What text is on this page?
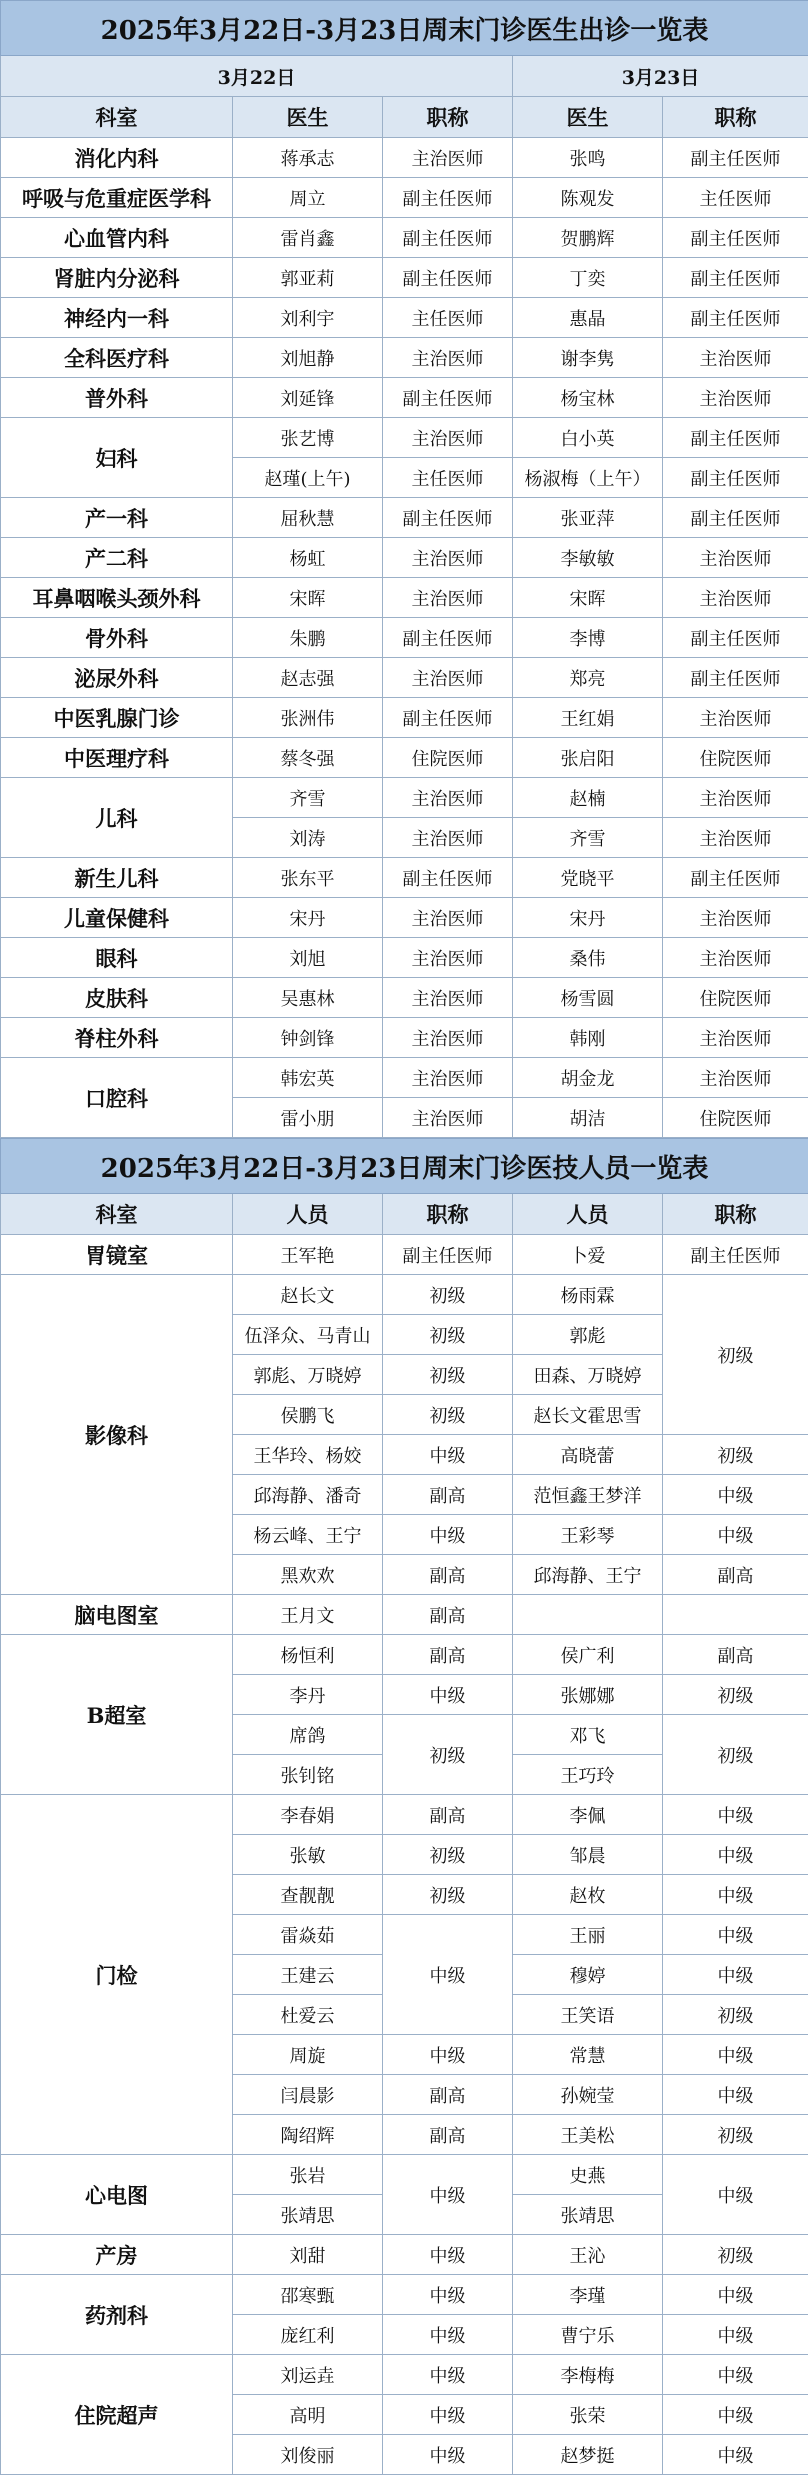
2025年3月22日-3月23日周末门诊医生出诊一览表				
3月22日			3月23日	
科室	医生	职称	医生	职称
消化内科	蒋承志	主治医师	张鸣	副主任医师
呼吸与危重症医学科	周立	副主任医师	陈观发	主任医师
心血管内科	雷肖鑫	副主任医师	贺鹏辉	副主任医师
肾脏内分泌科	郭亚莉	副主任医师	丁奕	副主任医师
神经内一科	刘利宇	主任医师	惠晶	副主任医师
全科医疗科	刘旭静	主治医师	谢李隽	主治医师
普外科	刘延锋	副主任医师	杨宝林	主治医师
妇科	张艺博	主治医师	白小英	副主任医师
	赵瑾(上午)	主任医师	杨淑梅（上午）	副主任医师
产一科	屈秋慧	副主任医师	张亚萍	副主任医师
产二科	杨虹	主治医师	李敏敏	主治医师
耳鼻咽喉头颈外科	宋晖	主治医师	宋晖	主治医师
骨外科	朱鹏	副主任医师	李博	副主任医师
泌尿外科	赵志强	主治医师	郑亮	副主任医师
中医乳腺门诊	张洲伟	副主任医师	王红娟	主治医师
中医理疗科	蔡冬强	住院医师	张启阳	住院医师
儿科	齐雪	主治医师	赵楠	主治医师
	刘涛	主治医师	齐雪	主治医师
新生儿科	张东平	副主任医师	党晓平	副主任医师
儿童保健科	宋丹	主治医师	宋丹	主治医师
眼科	刘旭	主治医师	桑伟	主治医师
皮肤科	吴惠林	主治医师	杨雪圆	住院医师
脊柱外科	钟剑锋	主治医师	韩刚	主治医师
口腔科	韩宏英	主治医师	胡金龙	主治医师
	雷小朋	主治医师	胡洁	住院医师
2025年3月22日-3月23日周末门诊医技人员一览表				
科室	人员	职称	人员	职称
胃镜室	王军艳	副主任医师	卜爱	副主任医师
影像科	赵长文	初级	杨雨霖	初级
	伍泽众、马青山	初级	郭彪	
	郭彪、万晓婷	初级	田森、万晓婷	
	侯鹏飞	初级	赵长文霍思雪	
	王华玲、杨姣	中级	高晓蕾	初级
	邱海静、潘奇	副高	范恒鑫王梦洋	中级
	杨云峰、王宁	中级	王彩琴	中级
	黑欢欢	副高	邱海静、王宁	副高
脑电图室	王月文	副高		
B超室	杨恒利	副高	侯广利	副高
	李丹	中级	张娜娜	初级
	席鸽	初级	邓飞	初级
	张钊铭		王巧玲	
门检	李春娟	副高	李佩	中级
	张敏	初级	邹晨	中级
	查靓靓	初级	赵枚	中级
	雷焱茹	中级	王丽	中级
	王建云		穆婷	中级
	杜爱云		王笑语	初级
	周旋	中级	常慧	中级
	闫晨影	副高	孙婉莹	中级
	陶绍辉	副高	王美松	初级
心电图	张岩	中级	史燕	中级
	张靖思		张靖思	
产房	刘甜	中级	王沁	初级
药剂科	邵寒甄	中级	李瑾	中级
	庞红利	中级	曹宁乐	中级
住院超声	刘运垚	中级	李梅梅	中级
	高明	中级	张荣	中级
	刘俊丽	中级	赵梦挺	中级
